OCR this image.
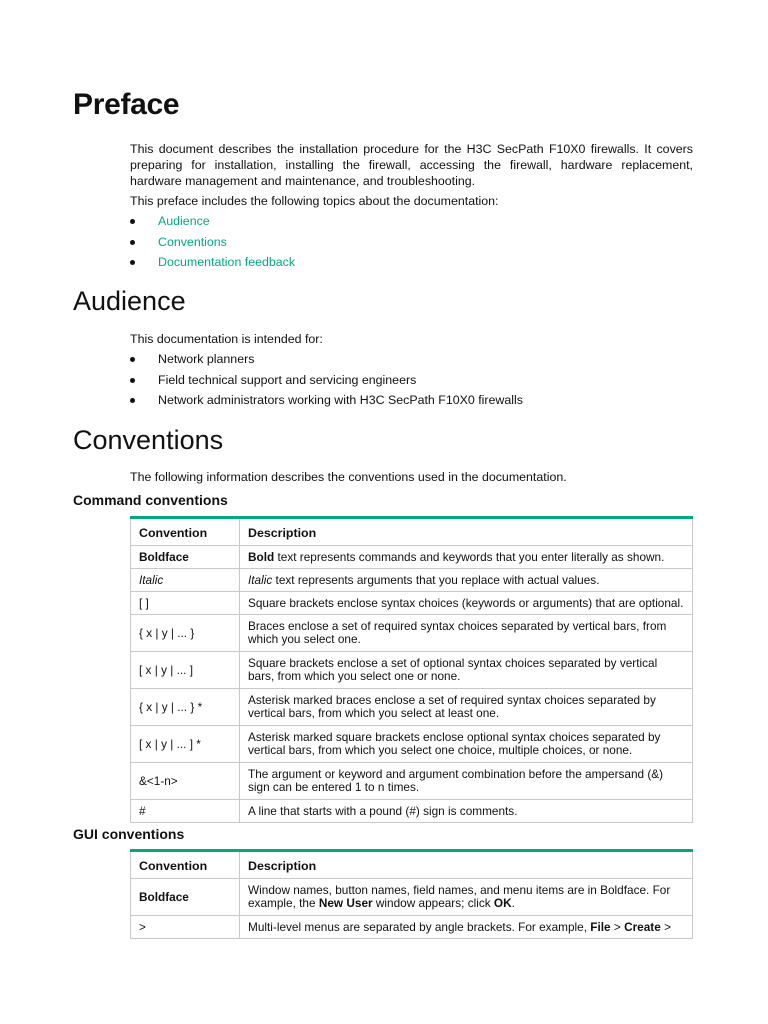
Preface

This document describes the installation procedure for the H3C SecPath F10X0 firewalls. It covers preparing for installation, installing the firewall, accessing the firewall, hardware replacement, hardware management and maintenance, and troubleshooting.

This preface includes the following topics about the documentation:

Audience
Conventions
Documentation feedback
Audience

This documentation is intended for:

Network planners
Field technical support and servicing engineers
Network administrators working with H3C SecPath F10X0 firewalls
Conventions

The following information describes the conventions used in the documentation.

Command conventions
Convention	Description
Boldface	Bold text represents commands and keywords that you enter literally as shown.
Italic	Italic text represents arguments that you replace with actual values.
[ ]	Square brackets enclose syntax choices (keywords or arguments) that are optional.
{ x | y | ... }	Braces enclose a set of required syntax choices separated by vertical bars, from which you select one.
[ x | y | ... ]	Square brackets enclose a set of optional syntax choices separated by vertical bars, from which you select one or none.
{ x | y | ... } *	Asterisk marked braces enclose a set of required syntax choices separated by vertical bars, from which you select at least one.
[ x | y | ... ] *	Asterisk marked square brackets enclose optional syntax choices separated by vertical bars, from which you select one choice, multiple choices, or none.
&<1-n>	The argument or keyword and argument combination before the ampersand (&) sign can be entered 1 to n times.
#	A line that starts with a pound (#) sign is comments.
GUI conventions
Convention	Description
Boldface	Window names, button names, field names, and menu items are in Boldface. For example, the New User window appears; click OK.
>	Multi-level menus are separated by angle brackets. For example, File > Create >
